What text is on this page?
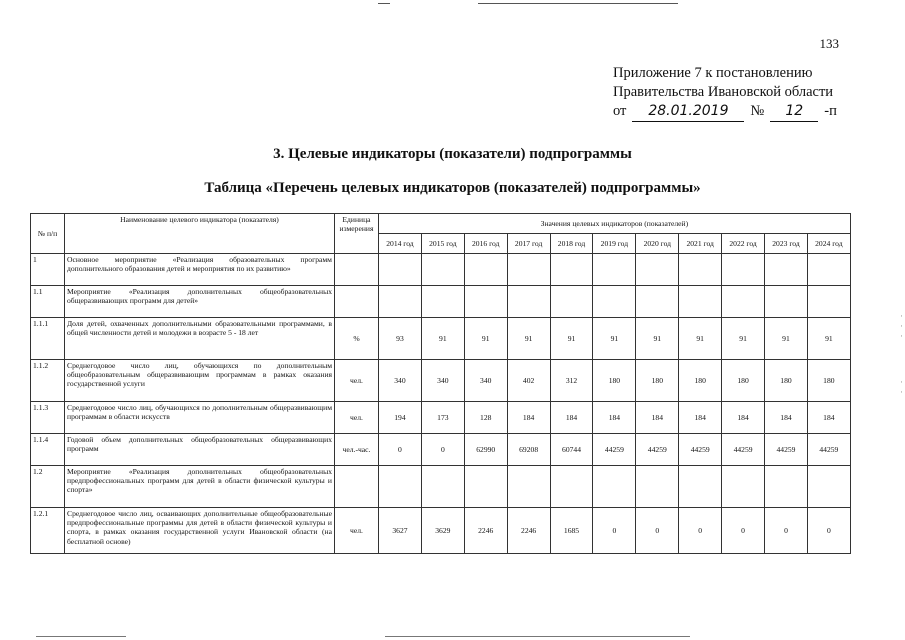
133
Приложение 7 к постановлению
Правительства Ивановской области
от	28.01.2019	№	12	-п
3. Целевые индикаторы (показатели) подпрограммы
Таблица «Перечень целевых индикаторов (показателей) подпрограммы»
№ п/п	Наименование целевого индикатора (показателя)	Единица измерения	Значения целевых индикаторов (показателей)										
			2014 год	2015 год	2016 год	2017 год	2018 год	2019 год	2020 год	2021 год	2022 год	2023 год	2024 год
1	Основное мероприятие «Реализация образовательных программ дополнительного образования детей и мероприятия по их развитию»												
1.1	Мероприятие «Реализация дополнительных общеобразовательных общеразвивающих программ для детей»												
1.1.1	Доля детей, охваченных дополнительными образовательными программами, в общей численности детей и молодежи в возрасте 5 - 18 лет	%	93	91	91	91	91	91	91	91	91	91	91
1.1.2	Среднегодовое число лиц, обучающихся по дополнительным общеобразовательным общеразвивающим программам в рамках оказания государственной услуги	чел.	340	340	340	402	312	180	180	180	180	180	180
1.1.3	Среднегодовое число лиц, обучающихся по дополнительным общеразвивающим программам в области искусств	чел.	194	173	128	184	184	184	184	184	184	184	184
1.1.4	Годовой объем дополнительных общеобразовательных общеразвивающих программ	чел.-час.	0	0	62990	69208	60744	44259	44259	44259	44259	44259	44259
1.2	Мероприятие «Реализация дополнительных общеобразовательных предпрофессиональных программ для детей в области физической культуры и спорта»												
1.2.1	Среднегодовое число лиц, осваивающих дополнительные общеобразовательные предпрофессиональные программы для детей в области физической культуры и спорта, в рамках оказания государственной услуги Ивановской области (на бесплатной основе)	чел.	3627	3629	2246	2246	1685	0	0	0	0	0	0
·
·
·
·
·
